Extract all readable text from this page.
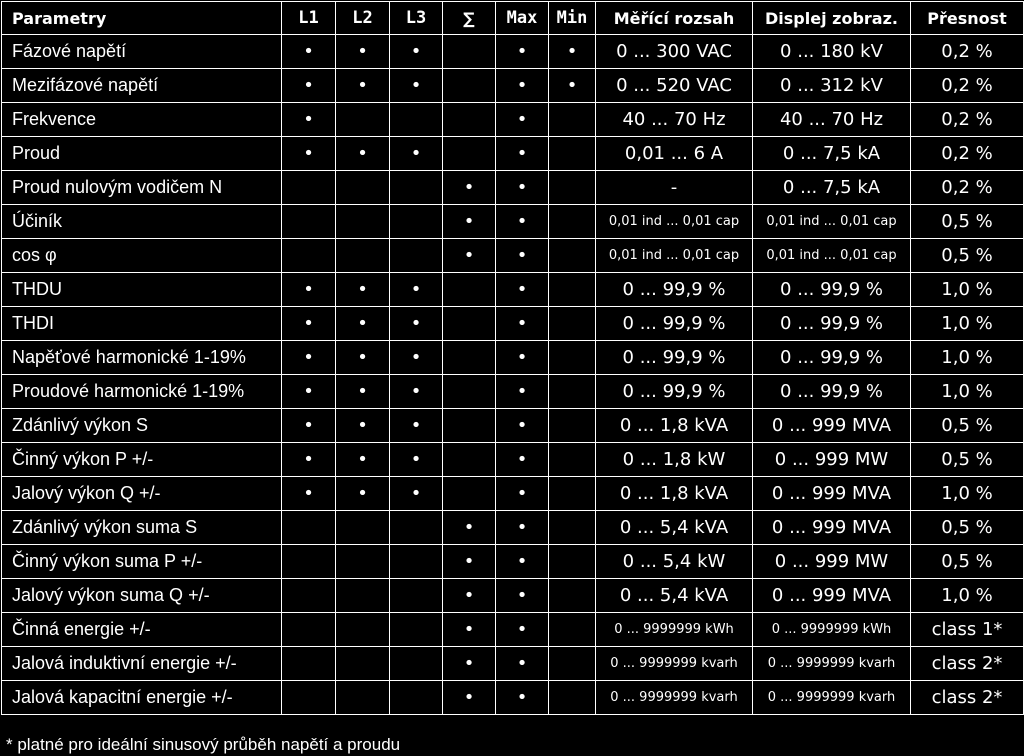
Parametry	L1	L2	L3	∑	Max	Min	Měřící rozsah	Displej zobraz.	Přesnost
Fázové napětí	•	•	•		•	•	0 ... 300 VAC	0 ... 180 kV	0,2 %
Mezifázové napětí	•	•	•		•	•	0 ... 520 VAC	0 ... 312 kV	0,2 %
Frekvence	•				•		40 ... 70 Hz	40 ... 70 Hz	0,2 %
Proud	•	•	•		•		0,01 ... 6 A	0 ... 7,5 kA	0,2 %
Proud nulovým vodičem N				•	•		-	0 ... 7,5 kA	0,2 %
Účiník				•	•		0,01 ind ... 0,01 cap	0,01 ind ... 0,01 cap	0,5 %
cos φ				•	•		0,01 ind ... 0,01 cap	0,01 ind ... 0,01 cap	0,5 %
THDU	•	•	•		•		0 ... 99,9 %	0 ... 99,9 %	1,0 %
THDI	•	•	•		•		0 ... 99,9 %	0 ... 99,9 %	1,0 %
Napěťové harmonické 1-19%	•	•	•		•		0 ... 99,9 %	0 ... 99,9 %	1,0 %
Proudové harmonické 1-19%	•	•	•		•		0 ... 99,9 %	0 ... 99,9 %	1,0 %
Zdánlivý výkon S	•	•	•		•		0 ... 1,8 kVA	0 ... 999 MVA	0,5 %
Činný výkon P +/-	•	•	•		•		0 ... 1,8 kW	0 ... 999 MW	0,5 %
Jalový výkon Q +/-	•	•	•		•		0 ... 1,8 kVA	0 ... 999 MVA	1,0 %
Zdánlivý výkon suma S				•	•		0 ... 5,4 kVA	0 ... 999 MVA	0,5 %
Činný výkon suma P +/-				•	•		0 ... 5,4 kW	0 ... 999 MW	0,5 %
Jalový výkon suma Q +/-				•	•		0 ... 5,4 kVA	0 ... 999 MVA	1,0 %
Činná energie +/-				•	•		0 ... 9999999 kWh	0 ... 9999999 kWh	class 1*
Jalová induktivní energie +/-				•	•		0 ... 9999999 kvarh	0 ... 9999999 kvarh	class 2*
Jalová kapacitní energie +/-				•	•		0 ... 9999999 kvarh	0 ... 9999999 kvarh	class 2*
* platné pro ideální sinusový průběh napětí a proudu
